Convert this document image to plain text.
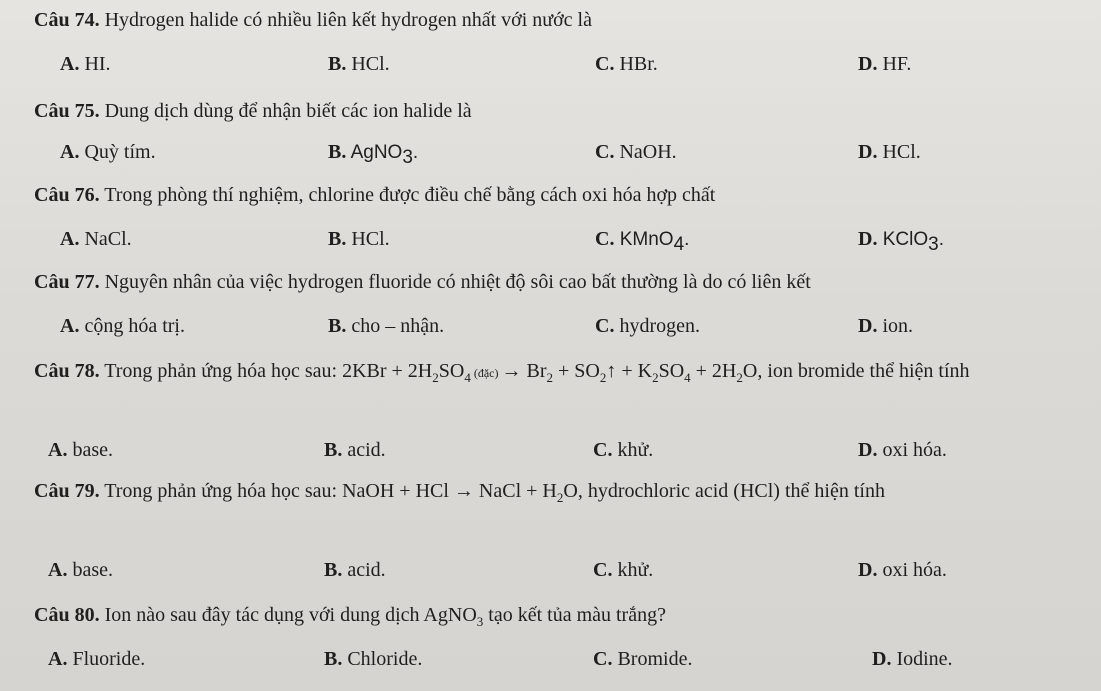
Câu 74. Hydrogen halide có nhiều liên kết hydrogen nhất với nước là
A. HI.	B. HCl.	C. HBr.	D. HF.
Câu 75. Dung dịch dùng để nhận biết các ion halide là
A. Quỳ tím.	B. AgNO$_3$.	C. NaOH.	D. HCl.
Câu 76. Trong phòng thí nghiệm, chlorine được điều chế bằng cách oxi hóa hợp chất
A. NaCl.	B. HCl.	C. KMnO$_4$.	D. KClO$_3$.
Câu 77. Nguyên nhân của việc hydrogen fluoride có nhiệt độ sôi cao bất thường là do có liên kết
A. cộng hóa trị.	B. cho – nhận.	C. hydrogen.	D. ion.
Câu 78. Trong phản ứng hóa học sau: $2KBr + 2H_2SO_4$ (đặc) → $Br_2$ + $SO_2↑ + K_2SO_4 + 2H_2O$, ion bromide thể hiện tính
A. base.	B. acid.	C. khử.	D. oxi hóa.
Câu 79. Trong phản ứng hóa học sau: NaOH + HCl → NaCl + $H_2O$, hydrochloric acid (HCl) thể hiện tính
A. base.	B. acid.	C. khử.	D. oxi hóa.
Câu 80. Ion nào sau đây tác dụng với dung dịch AgNO$_3$ tạo kết tủa màu trắng?
A. Fluoride.	B. Chloride.	C. Bromide.	D. Iodine.
